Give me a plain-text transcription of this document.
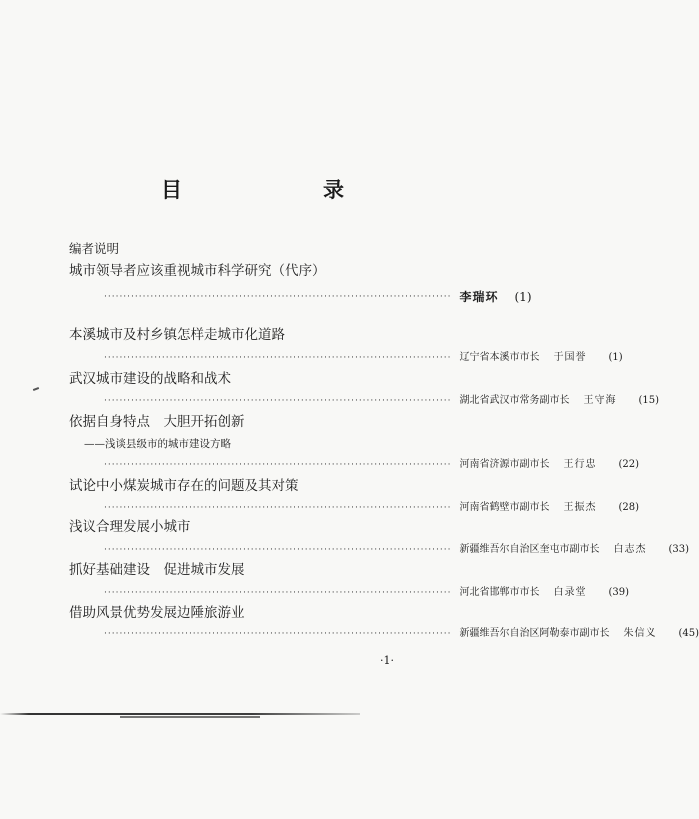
目　录
编者说明
城市领导者应该重视城市科学研究（代序）
·························································································· 李瑞环 (1)
本溪城市及村乡镇怎样走城市化道路
·························································································· 辽宁省本溪市市长 于国誉 (1)
武汉城市建设的战略和战术
·························································································· 湖北省武汉市常务副市长 王守海 (15)
依据自身特点　大胆开拓创新
——浅谈县级市的城市建设方略
·························································································· 河南省济源市副市长 王行忠 (22)
试论中小煤炭城市存在的问题及其对策
·························································································· 河南省鹤壁市副市长 王振杰 (28)
浅议合理发展小城市
·························································································· 新疆维吾尔自治区奎屯市副市长 白志杰 (33)
抓好基础建设　促进城市发展
·························································································· 河北省邯郸市市长 白录堂 (39)
借助风景优势发展边陲旅游业
·························································································· 新疆维吾尔自治区阿勒泰市副市长 朱信义 (45)
·1·
